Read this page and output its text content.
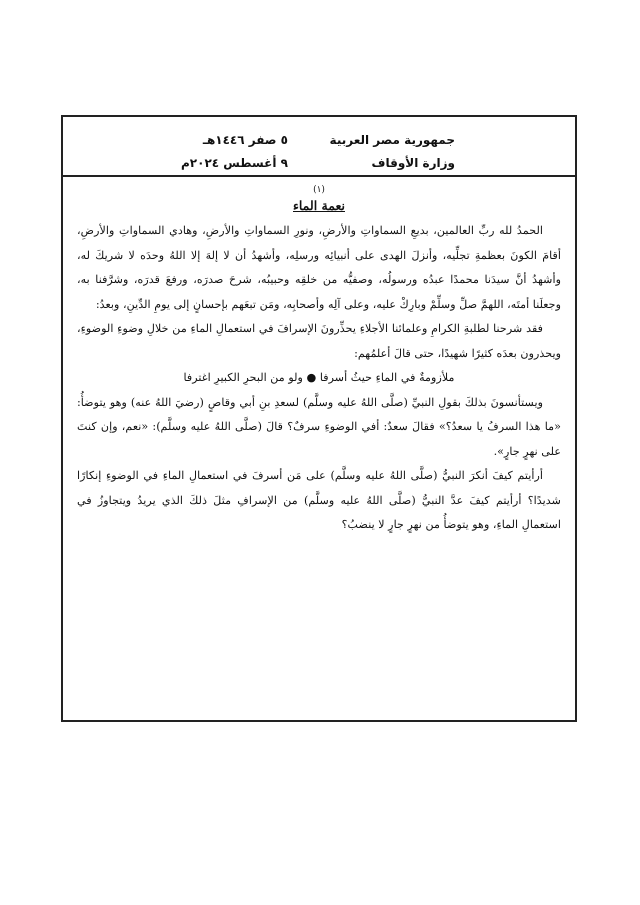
جمهورية مصر العربية
وزارة الأوقاف
٥ صفر ١٤٤٦هـ
٩ أغسطس ٢٠٢٤م
(١)
نعمة الماء

الحمدُ لله ربِّ العالمين، بديعِ السماواتِ والأرضِ، ونورِ السماواتِ والأرضِ، وهادي السماواتِ والأرضِ، أقامَ الكونَ بعظمةِ تجلِّيه، وأنزلَ الهدى على أنبيائِه ورسلِه، وأشهدُ أن لا إلهَ إلا اللهُ وحدَه لا شريكَ له، وأشهدُ أنَّ سيدَنا محمدًا عبدُه ورسولُه، وصفيُّه من خلقِه وحبيبُه، شرحَ صدرَه، ورفعَ قدرَه، وشرَّفنا به، وجعلَنا أمتَه، اللهمَّ صلِّ وسلِّمْ وبارِكْ عليه، وعلى آلِه وأصحابِه، ومَن تبعَهم بإحسانٍ إلى يومِ الدِّينِ، وبعدُ:

فقد شرحنا لطلبةِ الكرامِ وعلمائنا الأجلاءِ يحذِّرونَ الإسرافَ في استعمالِ الماءِ من خلالِ وضوءِ الوضوءِ، ويحذرون بعدَه كثيرًا شهيدًا، حتى قالَ أعلمُهم:

ملأزومةٌ في الماءِ حيثُ أسرفا ● ولو من البحرِ الكبيرِ اغترفا

ويستأنسونَ بذلكَ بقولِ النبيِّ (صلَّى اللهُ عليه وسلَّم) لسعدِ بنِ أبي وقاصٍ (رضيَ اللهُ عنه) وهو يتوضأُ: «ما هذا السرفُ يا سعدُ؟» فقالَ سعدٌ: أفي الوضوءِ سرفٌ؟ قالَ (صلَّى اللهُ عليه وسلَّم): «نعم، وإن كنتَ على نهرٍ جارٍ».

أرأيتم كيفَ أنكرَ النبيُّ (صلَّى اللهُ عليه وسلَّم) على مَن أسرفَ في استعمالِ الماءِ في الوضوءِ إنكارًا شديدًا؟ أرأيتم كيفَ عدَّ النبيُّ (صلَّى اللهُ عليه وسلَّم) من الإسرافِ مثلَ ذلكَ الذي يريدُ ويتجاوزُ في استعمالِ الماءِ، وهو يتوضأُ من نهرٍ جارٍ لا ينضبُ؟
